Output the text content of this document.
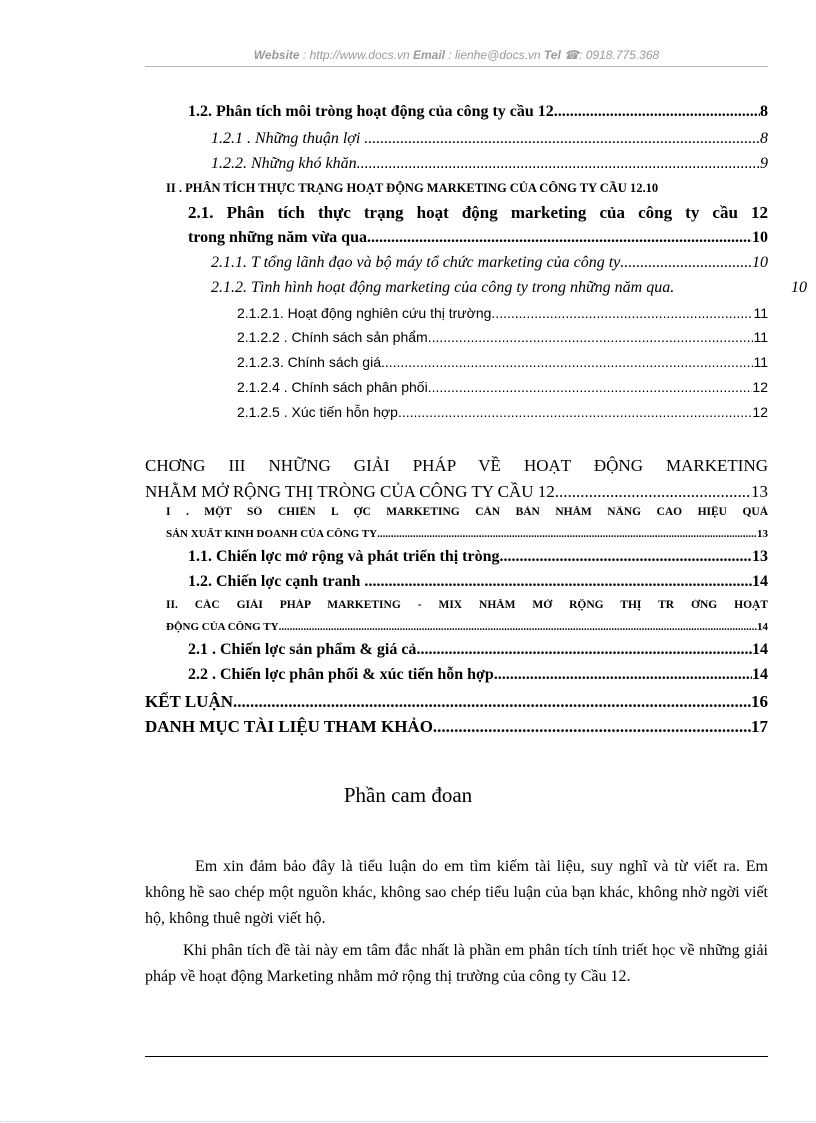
Website : http://www.docs.vn Email : lienhe@docs.vn Tel ☎: 0918.775.368
1.2. Phân tích môi tròng hoạt động của công ty cầu 12 .....	8
1.2.1 . Những thuận lợi . .....	8
1.2.2. Những khó khăn .....	9
II . PHÂN TÍCH THỰC TRẠNG HOẠT ĐỘNG MARKETING CỦA CÔNG TY CẦU 12 .10
2.1. Phân tích thực trạng hoạt động marketing của công ty cầu 12
trong những năm vừa qua .....	10
2.1.1. T tổng lãnh đạo và bộ máy tổ chức marketing của công ty .....	10
2.1.2. Tình hình hoạt động marketing của công ty trong những năm qua.	10
2.1.2.1. Hoạt động nghiên cứu thị trường. .....	11
2.1.2.2 . Chính sách sản phẩm. .....	11
2.1.2.3. Chính sách giá. .....	11
2.1.2.4 . Chính sách phân phối. .....	12
2.1.2.5 . Xúc tiến hỗn hợp. .....	12
CHƠNG III NHỮNG GIẢI PHÁP VỀ HOẠT ĐỘNG MARKETING
NHẰM MỞ RỘNG THỊ TRÒNG CỦA CÔNG TY CẦU 12 .....	13
I . MỘT SỐ CHIẾN L ỢC MARKETING CĂN BẢN NHẰM NÂNG CAO HIỆU QUẢ
SẢN XUẤT KINH DOANH CỦA CÔNG TY .....	13
1.1. Chiến lợc mở rộng và phát triển thị tròng .....	13
1.2. Chiến lợc cạnh tranh . .....	14
II. CÁC GIẢI PHÁP MARKETING - MIX NHẰM MỞ RỘNG THỊ TR ỜNG HOẠT
ĐỘNG CỦA CÔNG TY .....	14
2.1 . Chiến lợc sản phẩm & giá cả .....	14
2.2 . Chiến lợc phân phối & xúc tiến hỗn hợp .....	14
KẾT LUẬN .....	16
DANH MỤC TÀI LIỆU THAM KHẢO .....	17
Phần cam đoan
Em xin đảm bảo đây là tiểu luận do em tìm kiếm tài liệu, suy nghĩ và từ viết ra. Em không hề sao chép một nguồn khác, không sao chép tiểu luận của bạn khác, không nhờ ngời viết hộ, không thuê ngời viết hộ.
Khi phân tích đề tài này em tâm đắc nhất là phần em phân tích tính triết học về những giải pháp về hoạt động Marketing nhằm mở rộng thị trường của công ty Cầu 12.
